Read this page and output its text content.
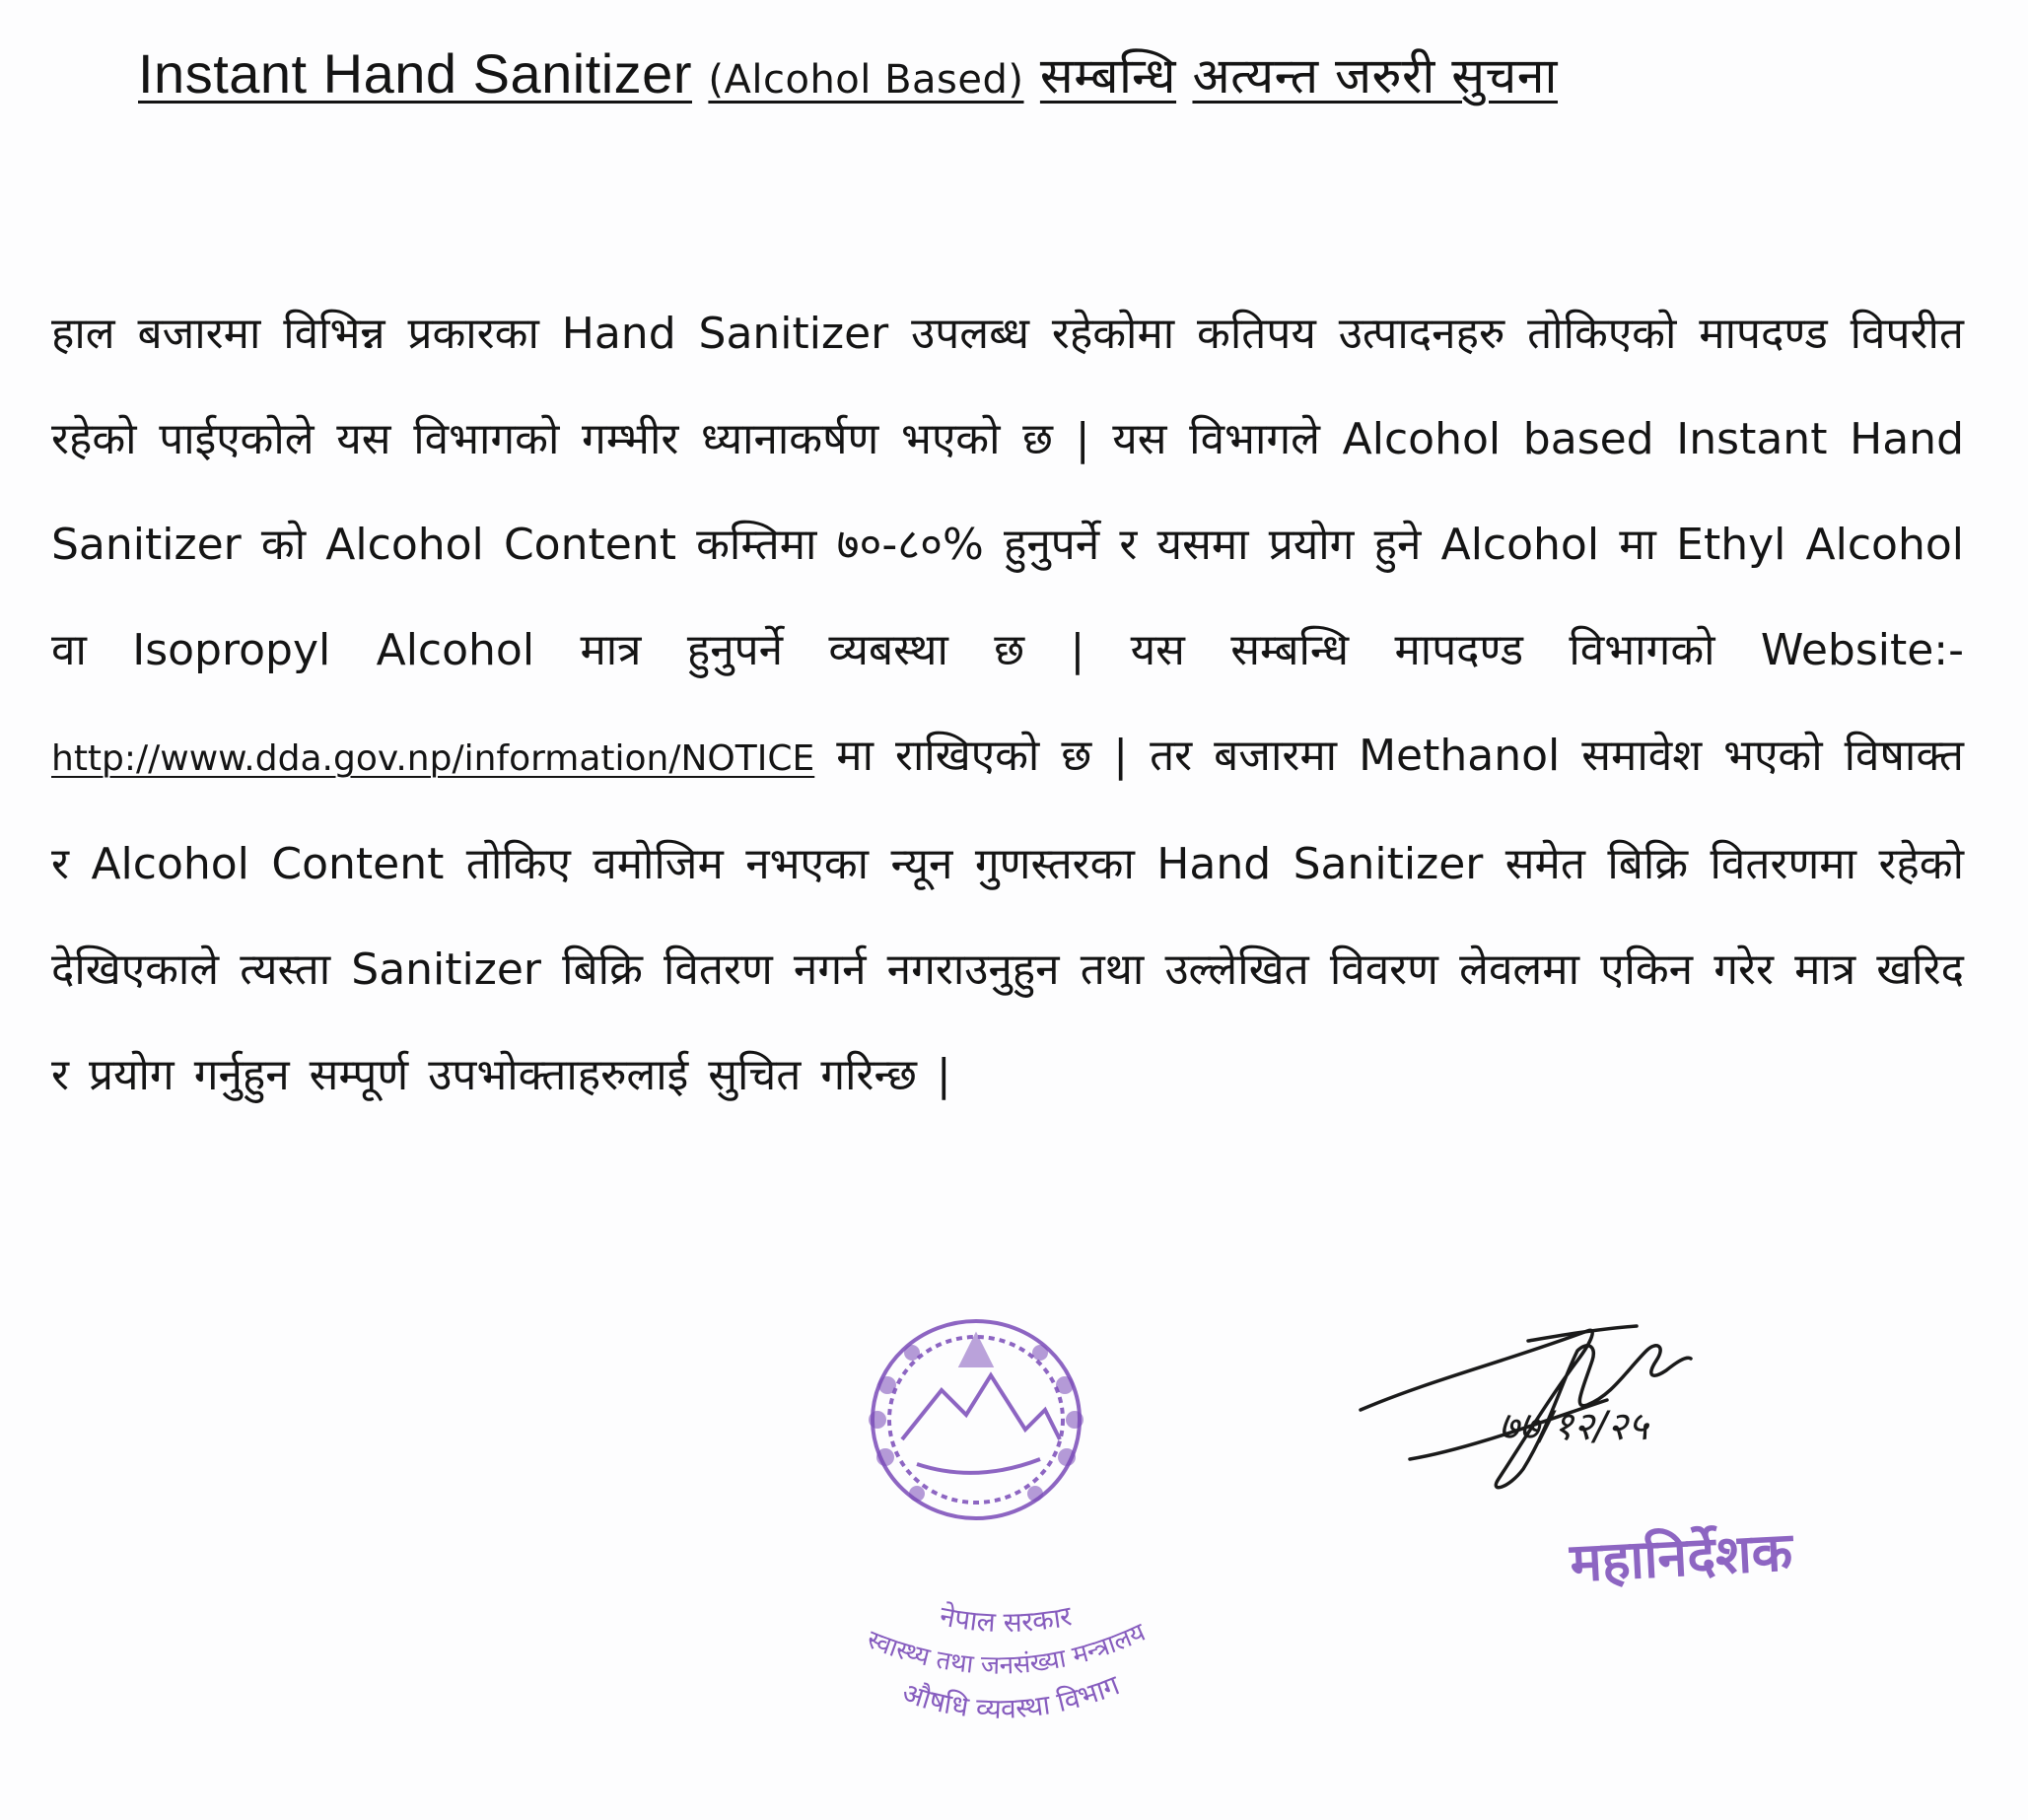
Instant Hand Sanitizer (Alcohol Based) सम्बन्धि अत्यन्त जरुरी सुचना

हाल बजारमा विभिन्न प्रकारका Hand Sanitizer उपलब्ध रहेकोमा कतिपय उत्पादनहरु तोकिएको मापदण्ड विपरीत रहेको पाईएकोले यस विभागको गम्भीर ध्यानाकर्षण भएको छ | यस विभागले Alcohol based Instant Hand Sanitizer को Alcohol Content कम्तिमा ७०-८०% हुनुपर्ने र यसमा प्रयोग हुने Alcohol मा Ethyl Alcohol वा Isopropyl Alcohol मात्र हुनुपर्ने व्यबस्था छ | यस सम्बन्धि मापदण्ड विभागको Website:- http://www.dda.gov.np/information/NOTICE मा राखिएको छ | तर बजारमा Methanol समावेश भएको विषाक्त र Alcohol Content तोकिए वमोजिम नभएका न्यून गुणस्तरका Hand Sanitizer समेत बिक्रि वितरणमा रहेको देखिएकाले त्यस्ता Sanitizer बिक्रि वितरण नगर्न नगराउनुहुन तथा उल्लेखित विवरण लेवलमा एकिन गरेर मात्र खरिद र प्रयोग गर्नुहुन सम्पूर्ण उपभोक्ताहरुलाई सुचित गरिन्छ |

नेपाल सरकार
स्वास्थ्य तथा जनसंख्या मन्त्रालय
औषधि व्यवस्था विभाग
७७/१२/२५
महानिर्देशक
